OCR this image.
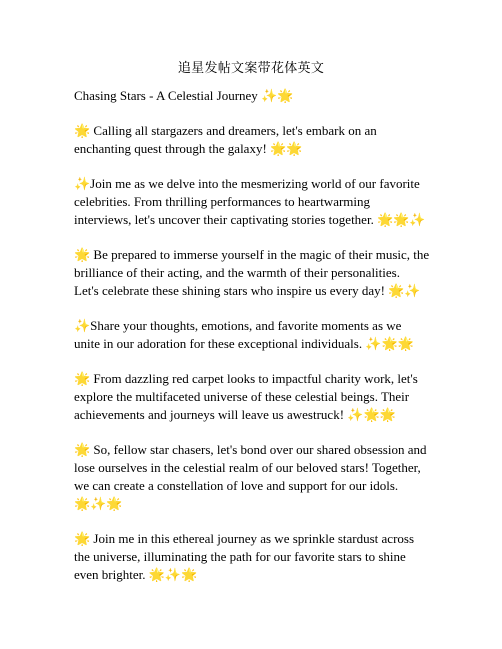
追星发帖文案带花体英文

Chasing Stars - A Celestial Journey ✨🌟

🌟 Calling all stargazers and dreamers, let's embark on an
enchanting quest through the galaxy! 🌟🌟

✨Join me as we delve into the mesmerizing world of our favorite
celebrities. From thrilling performances to heartwarming
interviews, let's uncover their captivating stories together. 🌟🌟✨

🌟 Be prepared to immerse yourself in the magic of their music, the
brilliance of their acting, and the warmth of their personalities.
Let's celebrate these shining stars who inspire us every day! 🌟✨

✨Share your thoughts, emotions, and favorite moments as we
unite in our adoration for these exceptional individuals. ✨🌟🌟

🌟 From dazzling red carpet looks to impactful charity work, let's
explore the multifaceted universe of these celestial beings. Their
achievements and journeys will leave us awestruck! ✨🌟🌟

🌟 So, fellow star chasers, let's bond over our shared obsession and
lose ourselves in the celestial realm of our beloved stars! Together,
we can create a constellation of love and support for our idols.
🌟✨🌟

🌟 Join me in this ethereal journey as we sprinkle stardust across
the universe, illuminating the path for our favorite stars to shine
even brighter. 🌟✨🌟
